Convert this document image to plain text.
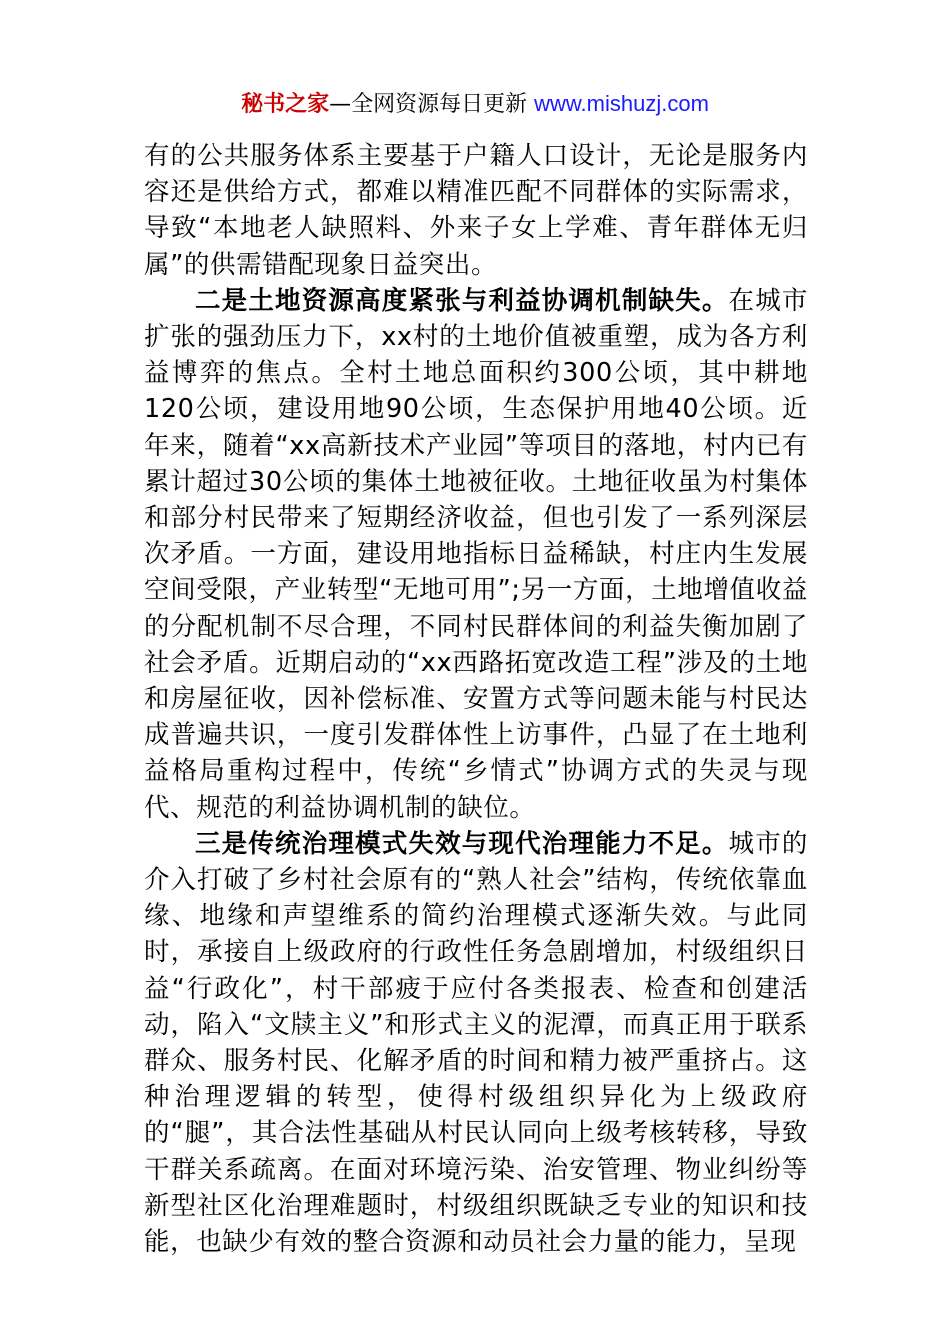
秘书之家—全网资源每日更新 www.mishuzj.com

有的公共服务体系主要基于户籍人口设计，无论是服务内容还是供给方式，都难以精准匹配不同群体的实际需求，导致“本地老人缺照料、外来子女上学难、青年群体无归属”的供需错配现象日益突出。

二是土地资源高度紧张与利益协调机制缺失。在城市扩张的强劲压力下，xx村的土地价值被重塑，成为各方利益博弈的焦点。全村土地总面积约300公顷，其中耕地120公顷，建设用地90公顷，生态保护用地40公顷。近年来，随着“xx高新技术产业园”等项目的落地，村内已有累计超过30公顷的集体土地被征收。土地征收虽为村集体和部分村民带来了短期经济收益，但也引发了一系列深层次矛盾。一方面，建设用地指标日益稀缺，村庄内生发展空间受限，产业转型“无地可用”;另一方面，土地增值收益的分配机制不尽合理，不同村民群体间的利益失衡加剧了社会矛盾。近期启动的“xx西路拓宽改造工程”涉及的土地和房屋征收，因补偿标准、安置方式等问题未能与村民达成普遍共识，一度引发群体性上访事件，凸显了在土地利益格局重构过程中，传统“乡情式”协调方式的失灵与现代、规范的利益协调机制的缺位。

三是传统治理模式失效与现代治理能力不足。城市的介入打破了乡村社会原有的“熟人社会”结构，传统依靠血缘、地缘和声望维系的简约治理模式逐渐失效。与此同时，承接自上级政府的行政性任务急剧增加，村级组织日益“行政化”，村干部疲于应付各类报表、检查和创建活动，陷入“文牍主义”和形式主义的泥潭，而真正用于联系群众、服务村民、化解矛盾的时间和精力被严重挤占。这种治理逻辑的转型，使得村级组织异化为上级政府的“腿”，其合法性基础从村民认同向上级考核转移，导致干群关系疏离。在面对环境污染、治安管理、物业纠纷等新型社区化治理难题时，村级组织既缺乏专业的知识和技能，也缺少有效的整合资源和动员社会力量的能力，呈现
